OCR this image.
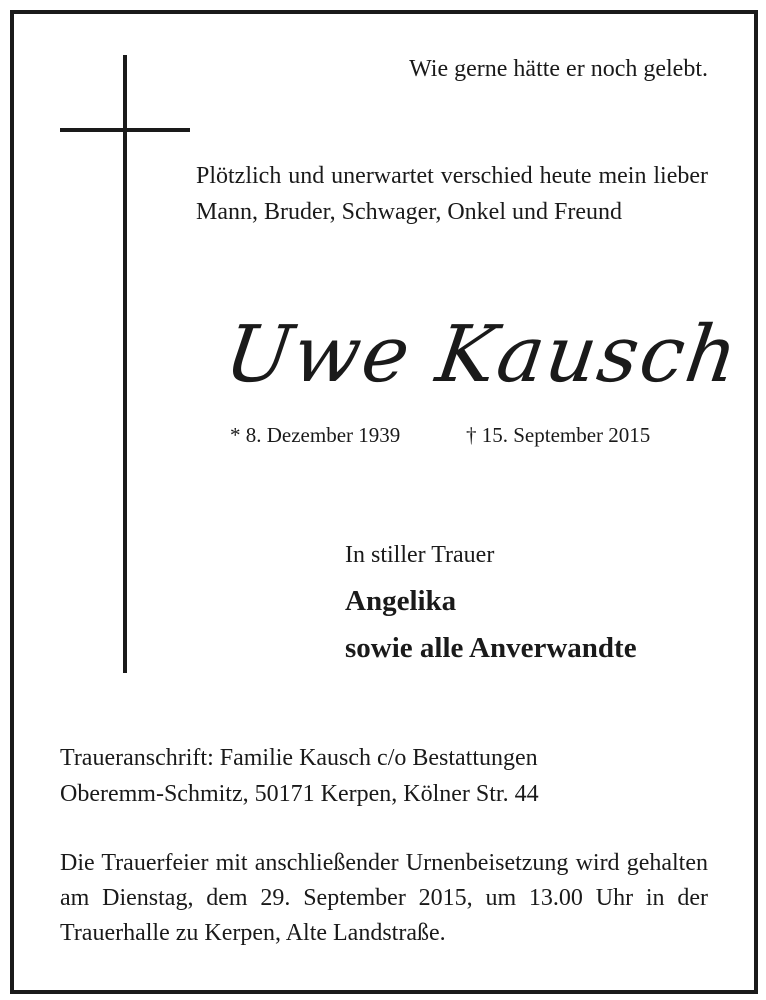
Wie gerne hätte er noch gelebt.
Plötzlich und unerwartet verschied heute mein lieber Mann, Bruder, Schwager, Onkel und Freund
Uwe Kausch
* 8. Dezember 1939	† 15. September 2015
In stiller Trauer
Angelika
sowie alle Anverwandte
Traueranschrift: Familie Kausch c/o Bestattungen
Oberemm-Schmitz, 50171 Kerpen, Kölner Str. 44
Die Trauerfeier mit anschließender Urnenbeisetzung wird gehalten am Dienstag, dem 29. September 2015, um 13.00 Uhr in der Trauerhalle zu Kerpen, Alte Landstraße.
